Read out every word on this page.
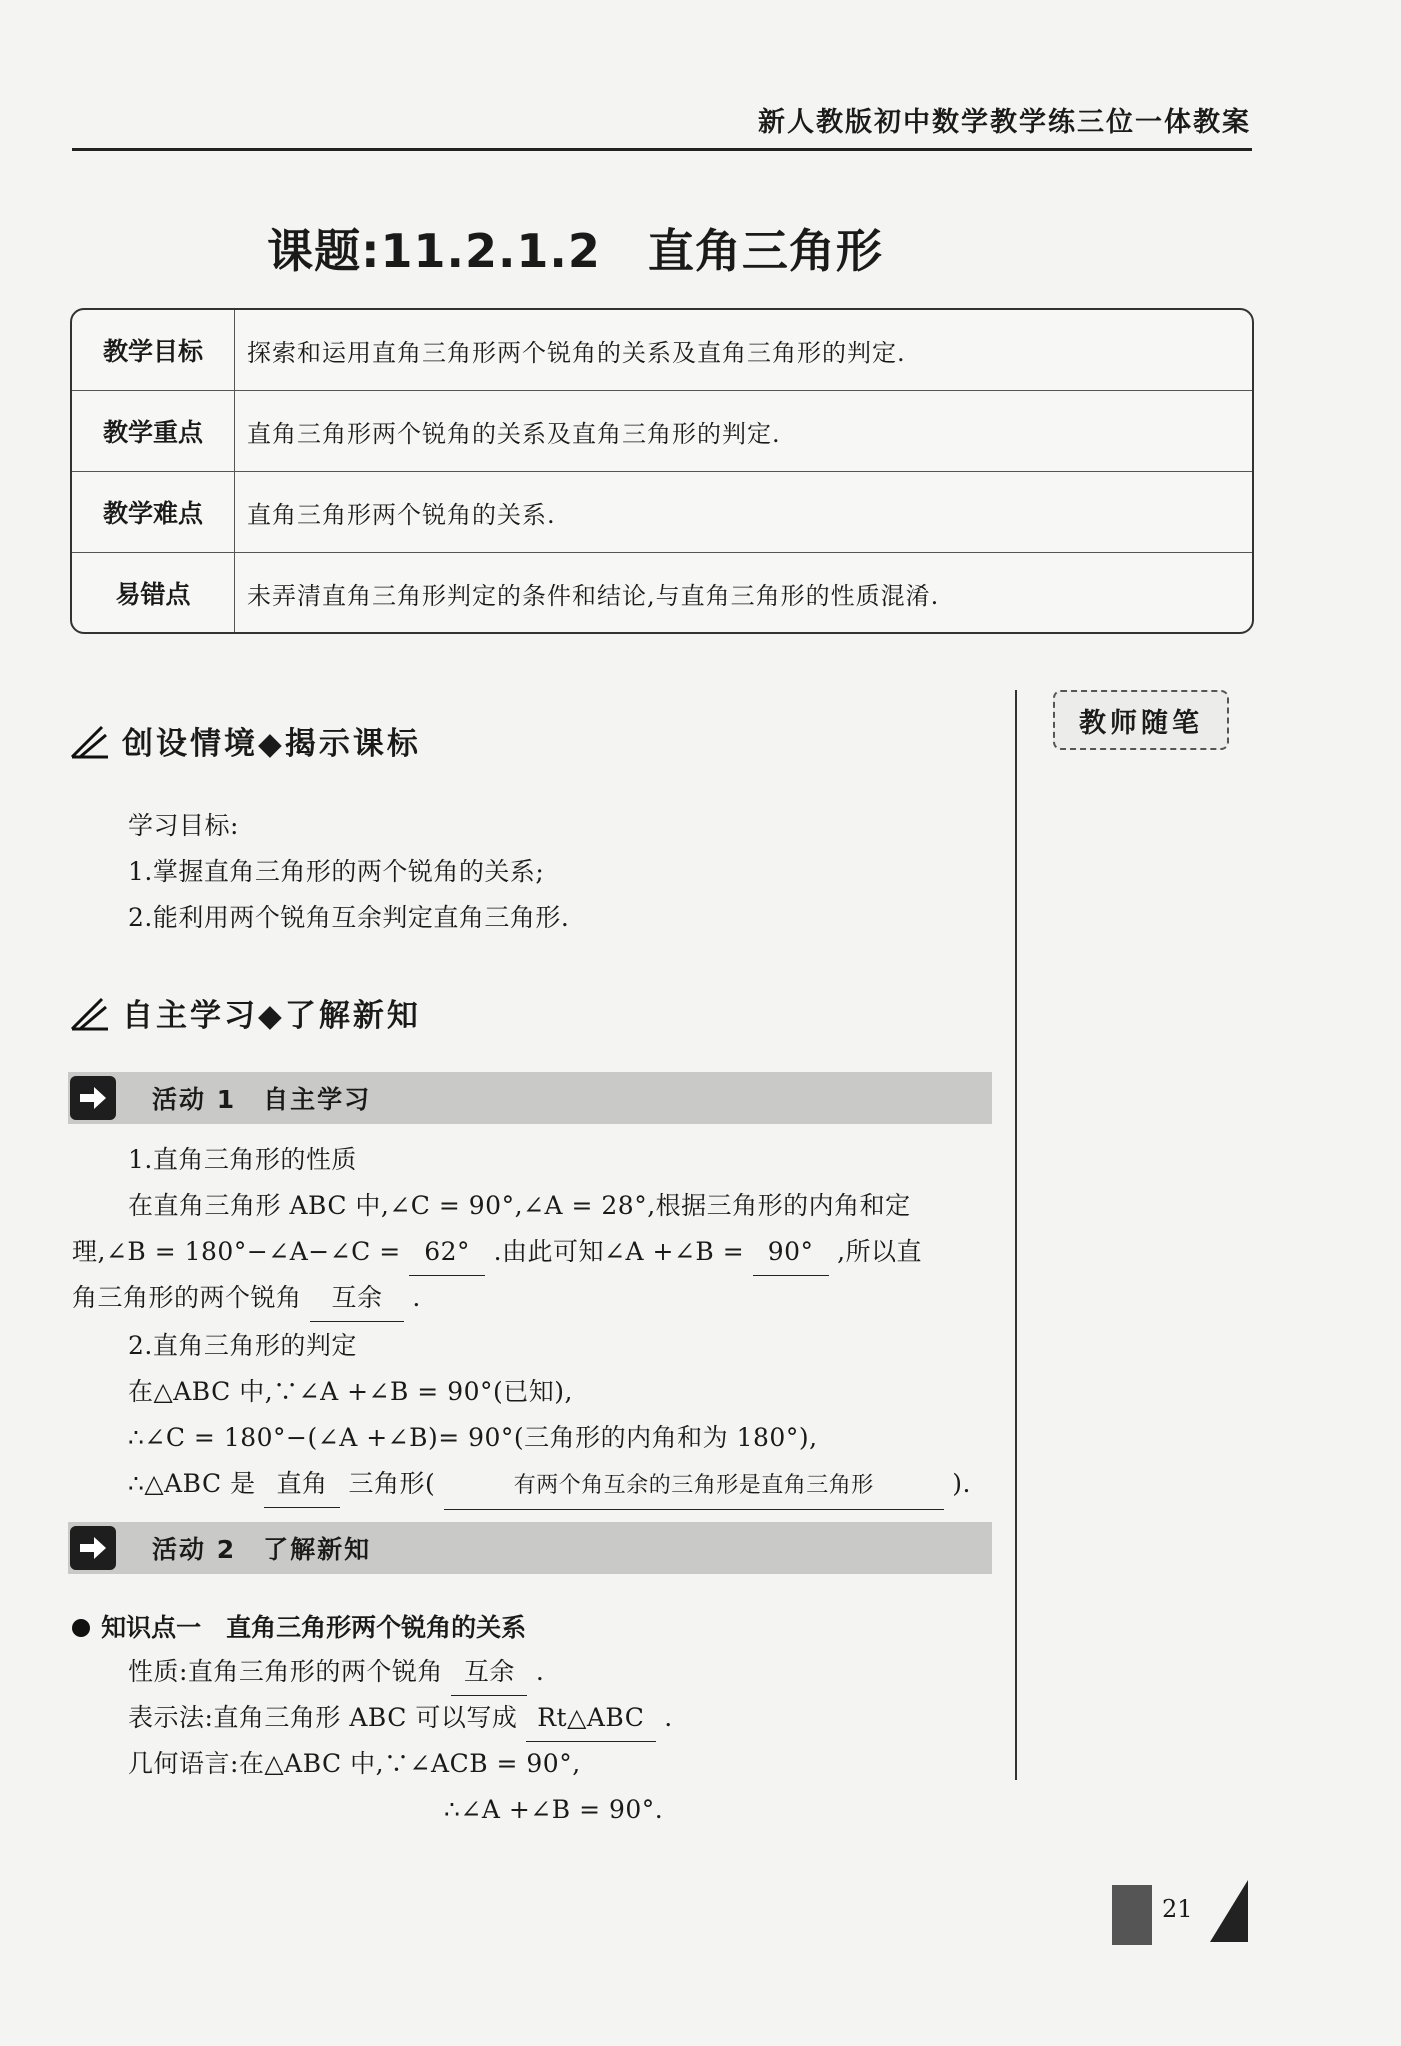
新人教版初中数学教学练三位一体教案
课题:11.2.1.2　直角三角形
教学目标	探索和运用直角三角形两个锐角的关系及直角三角形的判定.
教学重点	直角三角形两个锐角的关系及直角三角形的判定.
教学难点	直角三角形两个锐角的关系.
易错点	未弄清直角三角形判定的条件和结论,与直角三角形的性质混淆.
教师随笔
创设情境◆揭示课标
学习目标:
1.掌握直角三角形的两个锐角的关系;
2.能利用两个锐角互余判定直角三角形.
自主学习◆了解新知
活动 1　自主学习
1.直角三角形的性质
在直角三角形 ABC 中,∠C = 90°,∠A = 28°,根据三角形的内角和定
理,∠B = 180°−∠A−∠C = 62° .由此可知∠A +∠B = 90° ,所以直
角三角形的两个锐角 互余 .
2.直角三角形的判定
在△ABC 中,∵∠A +∠B = 90°(已知),
∴∠C = 180°−(∠A +∠B)= 90°(三角形的内角和为 180°),
∴△ABC 是 直角 三角形(	有两个角互余的三角形是直角三角形	).
活动 2　了解新知
知识点一　直角三角形两个锐角的关系
性质:直角三角形的两个锐角 互余 .
表示法:直角三角形 ABC 可以写成 Rt△ABC .
几何语言:在△ABC 中,∵∠ACB = 90°,
∴∠A +∠B = 90°.
21
